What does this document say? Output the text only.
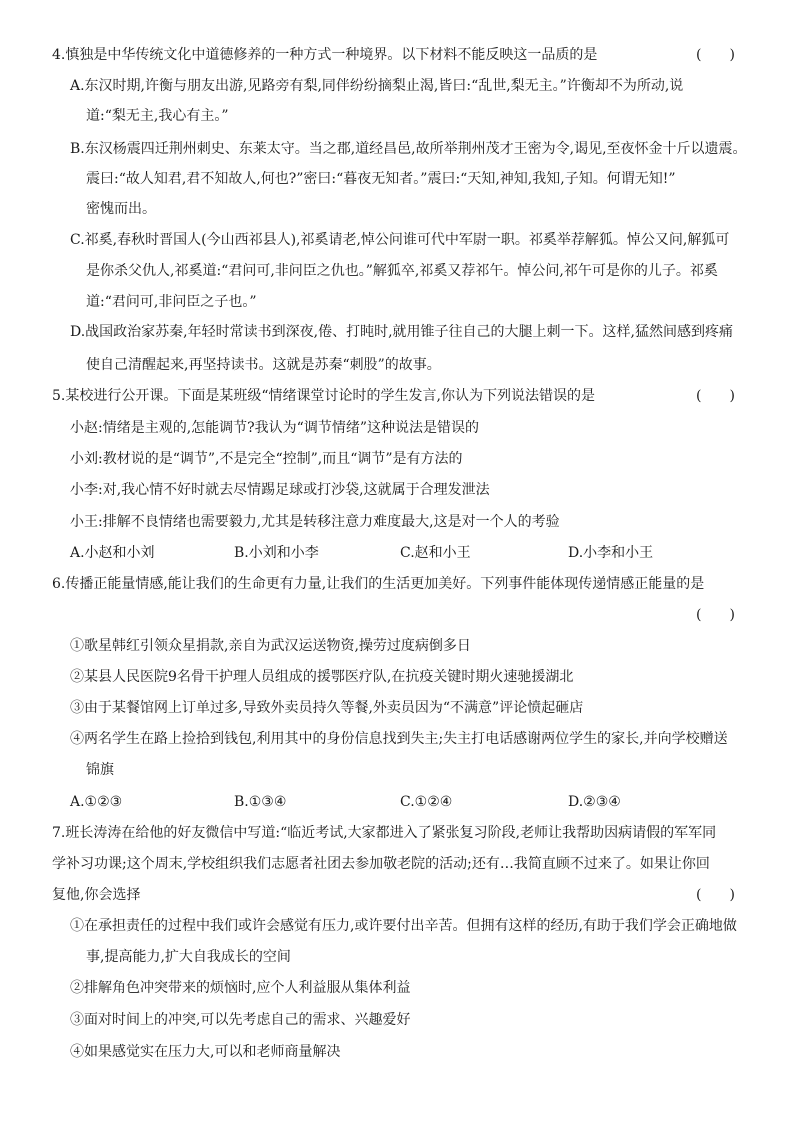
4.慎独是中华传统文化中道德修养的一种方式一种境界。以下材料不能反映这一品质的是	(　　)
A.东汉时期,许衡与朋友出游,见路旁有梨,同伴纷纷摘梨止渴,皆曰:“乱世,梨无主。”许衡却不为所动,说
道:“梨无主,我心有主。”
B.东汉杨震四迁荆州刺史、东莱太守。当之郡,道经昌邑,故所举荆州茂才王密为令,谒见,至夜怀金十斤以遗震。
震曰:“故人知君,君不知故人,何也?”密曰:“暮夜无知者。”震曰:“天知,神知,我知,子知。何谓无知!”
密愧而出。
C.祁奚,春秋时晋国人(今山西祁县人),祁奚请老,悼公问谁可代中军尉一职。祁奚举荐解狐。悼公又问,解狐可
是你杀父仇人,祁奚道:“君问可,非问臣之仇也。”解狐卒,祁奚又荐祁午。悼公问,祁午可是你的儿子。祁奚
道:“君问可,非问臣之子也。”
D.战国政治家苏秦,年轻时常读书到深夜,倦、打盹时,就用锥子往自己的大腿上刺一下。这样,猛然间感到疼痛
使自己清醒起来,再坚持读书。这就是苏秦“刺股”的故事。
5.某校进行公开课。下面是某班级“情绪课堂讨论时的学生发言,你认为下列说法错误的是	(　　)
小赵:情绪是主观的,怎能调节?我认为“调节情绪”这种说法是错误的
小刘:教材说的是“调节”,不是完全“控制”,而且“调节”是有方法的
小李:对,我心情不好时就去尽情踢足球或打沙袋,这就属于合理发泄法
小王:排解不良情绪也需要毅力,尤其是转移注意力难度最大,这是对一个人的考验
A.小赵和小刘	B.小刘和小李	C.赵和小王	D.小李和小王
6.传播正能量情感,能让我们的生命更有力量,让我们的生活更加美好。下列事件能体现传递情感正能量的是
(　　)
①歌星韩红引领众星捐款,亲自为武汉运送物资,操劳过度病倒多日
②某县人民医院9名骨干护理人员组成的援鄂医疗队,在抗疫关键时期火速驰援湖北
③由于某餐馆网上订单过多,导致外卖员持久等餐,外卖员因为“不满意”评论愤起砸店
④两名学生在路上捡拾到钱包,利用其中的身份信息找到失主;失主打电话感谢两位学生的家长,并向学校赠送
锦旗
A.①②③	B.①③④	C.①②④	D.②③④
7.班长涛涛在给他的好友微信中写道:“临近考试,大家都进入了紧张复习阶段,老师让我帮助因病请假的军军同
学补习功课;这个周末,学校组织我们志愿者社团去参加敬老院的活动;还有…我简直顾不过来了。如果让你回
复他,你会选择	(　　)
①在承担责任的过程中我们或许会感觉有压力,或许要付出辛苦。但拥有这样的经历,有助于我们学会正确地做
事,提高能力,扩大自我成长的空间
②排解角色冲突带来的烦恼时,应个人利益服从集体利益
③面对时间上的冲突,可以先考虑自己的需求、兴趣爱好
④如果感觉实在压力大,可以和老师商量解决
